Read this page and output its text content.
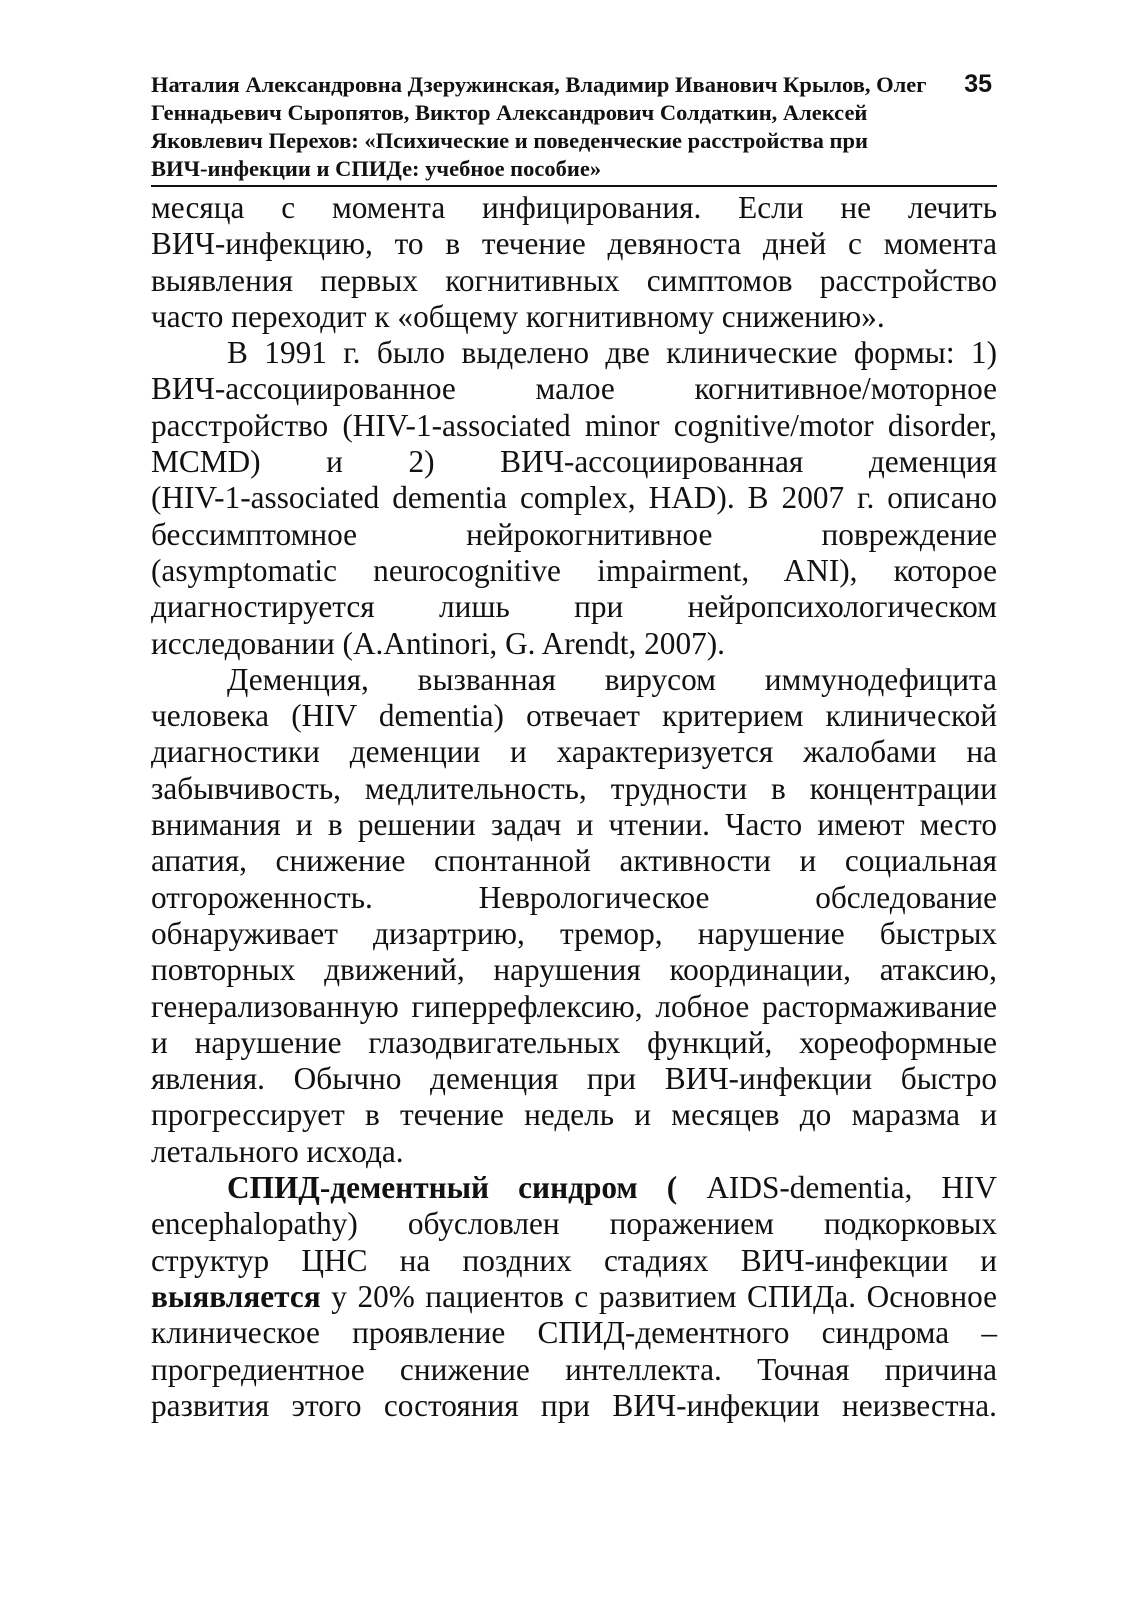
Наталия Александровна Дзеружинская, Владимир Иванович Крылов, Олег
Геннадьевич Сыропятов, Виктор Александрович Солдаткин, Алексей
Яковлевич Перехов: «Психические и поведенческие расстройства при
ВИЧ-инфекции и СПИДе: учебное пособие»
35
месяца с момента инфицирования. Если не лечить
ВИЧ-инфекцию, то в течение девяноста дней с момента
выявления первых когнитивных симптомов расстройство
часто переходит к «общему когнитивному снижению».
В 1991 г. было выделено две клинические формы: 1)
ВИЧ-ассоциированное малое когнитивное/моторное
расстройство (HIV-1-associated minor cognitive/motor disorder,
MCMD) и 2) ВИЧ-ассоциированная деменция
(HIV-1-associated dementia complex, HAD). В 2007 г. описано
бессимптомное нейрокогнитивное повреждение
(asymptomatic neurocognitive impairment, ANI), которое
диагностируется лишь при нейропсихологическом
исследовании (A.Antinori, G. Arendt, 2007).
Деменция, вызванная вирусом иммунодефицита
человека (HIV dementia) отвечает критерием клинической
диагностики деменции и характеризуется жалобами на
забывчивость, медлительность, трудности в концентрации
внимания и в решении задач и чтении. Часто имеют место
апатия, снижение спонтанной активности и социальная
отгороженность. Неврологическое обследование
обнаруживает дизартрию, тремор, нарушение быстрых
повторных движений, нарушения координации, атаксию,
генерализованную гиперрефлексию, лобное растормаживание
и нарушение глазодвигательных функций, хореоформные
явления. Обычно деменция при ВИЧ-инфекции быстро
прогрессирует в течение недель и месяцев до маразма и
летального исхода.
СПИД-дементный синдром ( AIDS-dementia, HIV
encephalopathy) обусловлен поражением подкорковых
структур ЦНС на поздних стадиях ВИЧ-инфекции и
выявляется у 20% пациентов с развитием СПИДа. Основное
клиническое проявление СПИД-дементного синдрома –
прогредиентное снижение интеллекта. Точная причина
развития этого состояния при ВИЧ-инфекции неизвестна.
